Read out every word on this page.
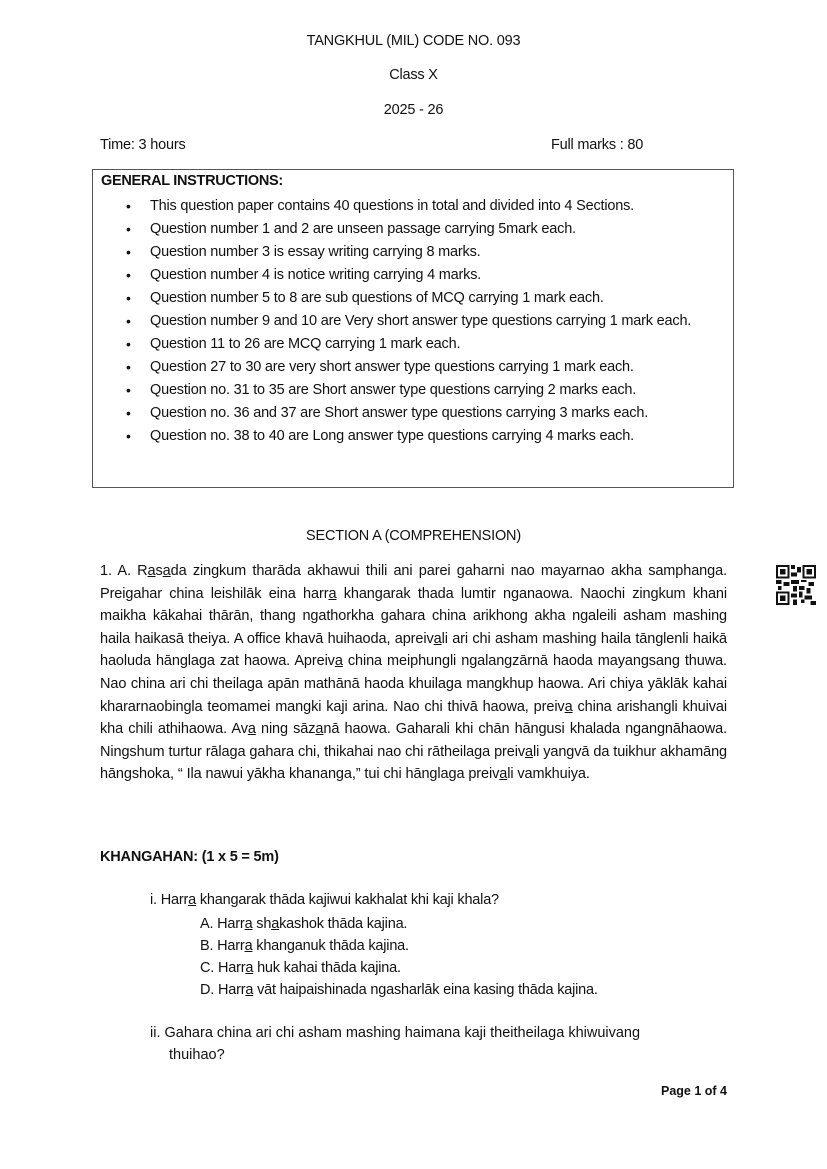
TANGKHUL (MIL) CODE NO. 093
Class X
2025 - 26
Time: 3 hours	Full marks : 80
GENERAL INSTRUCTIONS:
• This question paper contains 40 questions in total and divided into 4 Sections.
• Question number 1 and 2 are unseen passage carrying 5mark each.
• Question number 3 is essay writing carrying 8 marks.
• Question number 4 is notice writing carrying 4 marks.
• Question number 5 to 8 are sub questions of MCQ carrying 1 mark each.
• Question number 9 and 10 are Very short answer type questions carrying 1 mark each.
• Question 11 to 26 are MCQ carrying 1 mark each.
• Question 27 to 30 are very short answer type questions carrying 1 mark each.
• Question no. 31 to 35 are Short answer type questions carrying 2 marks each.
• Question no. 36 and 37 are Short answer type questions carrying 3 marks each.
• Question no. 38 to 40 are Long answer type questions carrying 4 marks each.
SECTION A (COMPREHENSION)
1. A. Rasada zingkum tharāda akhawui thili ani parei gaharni nao mayarnao akha samphanga. Preigahar china leishilāk eina harra khangarak thada lumtir nganaowa. Naochi zingkum khani maikha kākahai thārān, thang ngathorkha gahara china arikhong akha ngaleili asham mashing haila haikasā theiya. A office khavā huihaoda, apreivali ari chi asham mashing haila tānglenli haikā haoluda hānglaga zat haowa. Apreiva china meiphungli ngalangzārnā haoda mayangsang thuwa. Nao china ari chi theilaga apān mathānā haoda khuilaga mangkhup haowa. Ari chiya yāklāk kahai khararnaobingla teomamei mangki kaji arina. Nao chi thivā haowa, preiva china arishangli khuivai kha chili athihaowa. Ava ning sāzanā haowa. Gaharali khi chān hāngusi khalada ngangnāhaowa. Ningshum turtur rālaga gahara chi, thikahai nao chi rātheilaga preivali yangvā da tuikhur akhamāng hāngshoka, “ Ila nawui yākha khananga,” tui chi hānglaga preivali vamkhuiya.
KHANGAHAN: (1 x 5 = 5m)
i. Harra khangarak thāda kajiwui kakhalat khi kaji khala?
A. Harra shakashok thāda kajina.
B. Harra khanganuk thāda kajina.
C. Harra huk kahai thāda kajina.
D. Harra vāt haipaishinada ngasharlāk eina kasing thāda kajina.
ii. Gahara china ari chi asham mashing haimana kaji theitheilaga khiwuivang
thuihao?
Page 1 of 4
